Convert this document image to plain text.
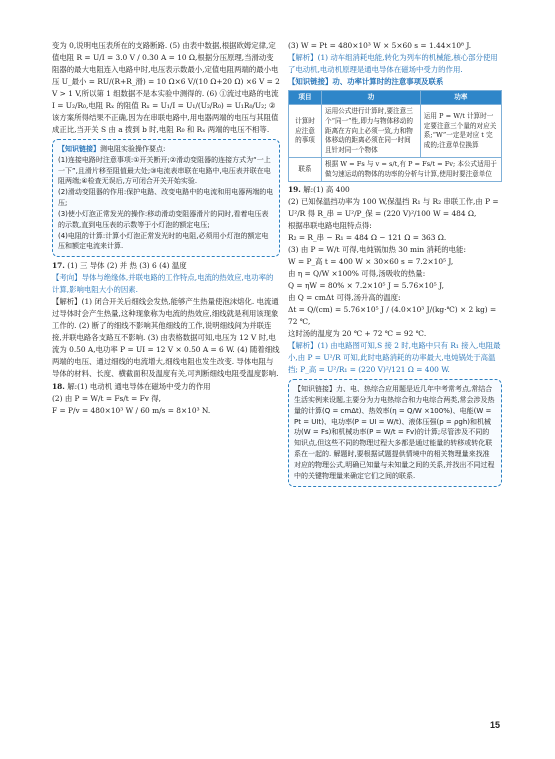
变为 0,说明电压表所在的支路断路. (5) 由表中数据,根据欧姆定律,定值电阻 R = U/I = 3.0 V / 0.30 A = 10 Ω,根据分压原理,当滑动变阻器的最大电阻连入电路中时,电压表示数最小,定值电阻两端的最小电压 U_最小 = RU/(R+R_滑) = 10 Ω×6 V/(10 Ω+20 Ω) ×6 V = 2 V > 1 V,所以第 1 组数据不是本实验中测得的. (6) ①流过电路的电流 I = U₂/R₀,电阻 Rₓ 的阻值 Rₓ = U₁/I = U₁/(U₂/R₀) = U₁R₀/U₂; ②该方案所得结果不正确,因为在串联电路中,用电器两端的电压与其阻值成正比,当开关 S 由 a 拨到 b 时,电阻 R₀ 和 Rₓ 两端的电压不相等.

【知识链接】测电阻实验操作要点:

(1)连接电路时注意事项:①开关断开;②滑动变阻器的连接方式为“一上一下”,且滑片移至阻值最大处;③电流表串联在电路中,电压表并联在电阻两端;④检查无误后,方可闭合开关开始实验.

(2)滑动变阻器的作用:保护电路、改变电路中的电流和用电器两端的电压;

(3)使小灯泡正常发光的操作:移动滑动变阻器滑片的同时,看着电压表的示数,直到电压表的示数等于小灯泡的额定电压;

(4)电阻的计算:计算小灯泡正常发光时的电阻,必须用小灯泡的额定电压和额定电流来计算.

17. (1) 三 导体 (2) 并 热 (3) 6 (4) 温度

【考向】导体与绝缘体,并联电路的工作特点,电流的热效应,电功率的计算,影响电阻大小的因素.

【解析】(1) 闭合开关后细线会发热,能够产生热量使泡沫熔化. 电流通过导体时会产生热量,这种现象称为电流的热效应,细线就是利用该现象工作的. (2) 断了的细线不影响其他细线的工作,说明细线间为并联连接,并联电路各支路互不影响. (3) 由表格数据可知,电压为 12 V 时,电流为 0.50 A,电功率 P = UI = 12 V × 0.50 A = 6 W. (4) 随着细线两端的电压、通过细线的电流增大,细线电阻也发生改变. 导体电阻与导体的材料、长度、横截面积及温度有关,可判断细线电阻受温度影响.

18. 解:(1) 电动机 通电导体在磁场中受力的作用

(2) 由 P = W/t = Fs/t = Fv 得,

F = P/v = 480×10³ W / 60 m/s = 8×10³ N.

(3) W = Pt = 480×10³ W × 5×60 s = 1.44×10⁸ J.

【解析】(1) 动车组消耗电能,转化为列车的机械能,核心部分使用了电动机,电动机原理是通电导体在磁场中受力的作用.

【知识链接】功、功率计算时的注意事项及联系

项目	功	功率
计算时应注意的事项	运用公式进行计算时,要注意三个“同一”性,即力与物体移动的距离在方向上必须一致,力和物体移动的距离必须在同一时间且针对同一个物体	运用 P = W/t 计算时一定要注意三个量的对应关系;“W”一定是对应 t 完成的;注意单位换算
联系	根据 W = Fs 与 v = s/t,有 P = Fs/t = Fv; 本公式适用于做匀速运动的物体的功率的分析与计算,使用时要注意单位	

19. 解:(1) 高 400

(2) 已知保温挡功率为 100 W,保温挡 R₁ 与 R₂ 串联工作,由 P = U²/R 得 R_串 = U²/P_保 = (220 V)²/100 W = 484 Ω,

根据串联电路电阻特点得:

R₂ = R_串 − R₁ = 484 Ω − 121 Ω = 363 Ω.

(3) 由 P = W/t 可得,电炖锅加热 30 min 消耗的电能:

W = P_高 t = 400 W × 30×60 s = 7.2×10⁵ J,

由 η = Q/W ×100% 可得,汤吸收的热量:

Q = ηW = 80% × 7.2×10⁵ J = 5.76×10⁵ J,

由 Q = cmΔt 可得,汤升高的温度:

Δt = Q/(cm) = 5.76×10⁵ J / (4.0×10³ J/(kg·℃) × 2 kg) = 72 ℃,

这时汤的温度为 20 ℃ + 72 ℃ = 92 ℃.

【解析】(1) 由电路图可知,S 接 2 时,电路中只有 R₁ 接入,电阻最小,由 P = U²/R 可知,此时电路消耗的功率最大,电炖锅处于高温挡; P_高 = U²/R₁ = (220 V)²/121 Ω = 400 W.

【知识链接】力、电、热综合应用题是近几年中考常考点,常结合生活实例来设题,主要分为力电热综合和力电综合两类,常会涉及热量的计算(Q = cmΔt)、热效率(η = Q/W ×100%)、电能(W = Pt = UIt)、电功率(P = UI = W/t)、液体压强(p = ρgh)和机械功(W = Fs)和机械功率(P = W/t = Fv)的计算;尽管涉及不同的知识点,但这些不同的物理过程大多都是通过能量的转移或转化联系在一起的. 解题时,要根据试题提供情境中的相关物理量来找准对应的物理公式,明确已知量与未知量之间的关系,并找出不同过程中的关键物理量来确定它们之间的联系.

15
